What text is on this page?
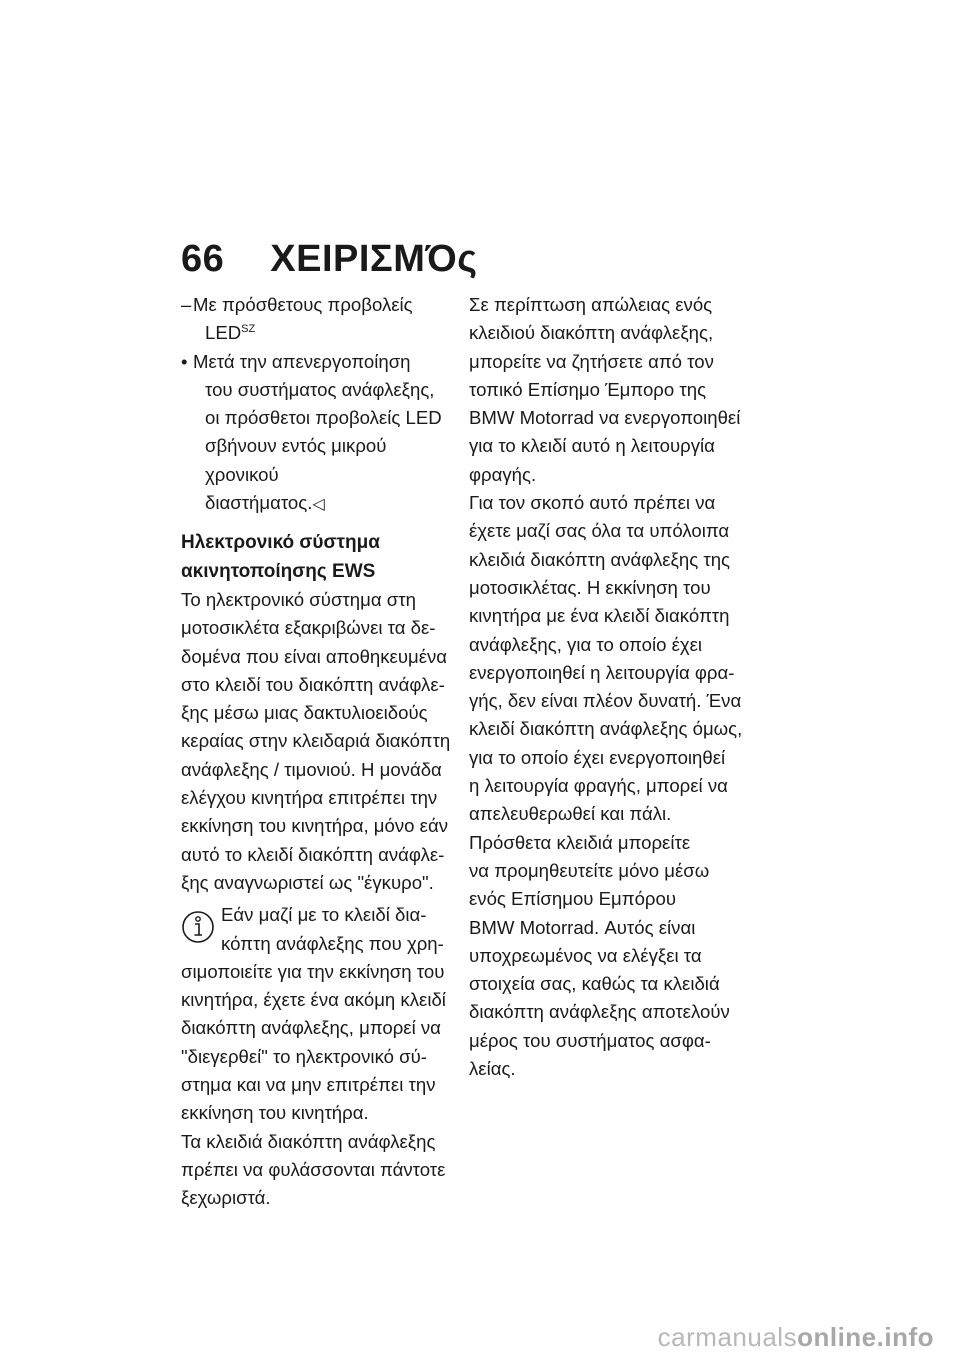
66 ΧΕΙΡΙΣΜΌς
– Με πρόσθετους προβολείς
$LED^{SZ}$
• Μετά την απενεργοποίηση
του συστήματος ανάφλεξης,
οι πρόσθετοι προβολείς LED
σβήνουν εντός μικρού χρονικού
διαστήματος.◁
Ηλεκτρονικό σύστημα
ακινητοποίησης EWS

Το ηλεκτρονικό σύστημα στη
μοτοσικλέτα εξακριβώνει τα δε-
δομένα που είναι αποθηκευμένα
στο κλειδί του διακόπτη ανάφλε-
ξης μέσω μιας δακτυλιοειδούς
κεραίας στην κλειδαριά διακόπτη
ανάφλεξης / τιμονιού. Η μονάδα
ελέγχου κινητήρα επιτρέπει την
εκκίνηση του κινητήρα, μόνο εάν
αυτό το κλειδί διακόπτη ανάφλε-
ξης αναγνωριστεί ως "έγκυρο".

Εάν μαζί με το κλειδί δια-
κόπτη ανάφλεξης που χρη-
σιμοποιείτε για την εκκίνηση του
κινητήρα, έχετε ένα ακόμη κλειδί
διακόπτη ανάφλεξης, μπορεί να
"διεγερθεί" το ηλεκτρονικό σύ-
στημα και να μην επιτρέπει την
εκκίνηση του κινητήρα.

Τα κλειδιά διακόπτη ανάφλεξης
πρέπει να φυλάσσονται πάντοτε
ξεχωριστά.

Σε περίπτωση απώλειας ενός
κλειδιού διακόπτη ανάφλεξης,
μπορείτε να ζητήσετε από τον
τοπικό Επίσημο Έμπορο της
BMW Motorrad να ενεργοποιηθεί
για το κλειδί αυτό η λειτουργία
φραγής.

Για τον σκοπό αυτό πρέπει να
έχετε μαζί σας όλα τα υπόλοιπα
κλειδιά διακόπτη ανάφλεξης της
μοτοσικλέτας. Η εκκίνηση του
κινητήρα με ένα κλειδί διακόπτη
ανάφλεξης, για το οποίο έχει
ενεργοποιηθεί η λειτουργία φρα-
γής, δεν είναι πλέον δυνατή. Ένα
κλειδί διακόπτη ανάφλεξης όμως,
για το οποίο έχει ενεργοποιηθεί
η λειτουργία φραγής, μπορεί να
απελευθερωθεί και πάλι.

Πρόσθετα κλειδιά μπορείτε
να προμηθευτείτε μόνο μέσω
ενός Επίσημου Εμπόρου
BMW Motorrad. Αυτός είναι
υποχρεωμένος να ελέγξει τα
στοιχεία σας, καθώς τα κλειδιά
διακόπτη ανάφλεξης αποτελούν
μέρος του συστήματος ασφα-
λείας.

carmanualsonline.info
